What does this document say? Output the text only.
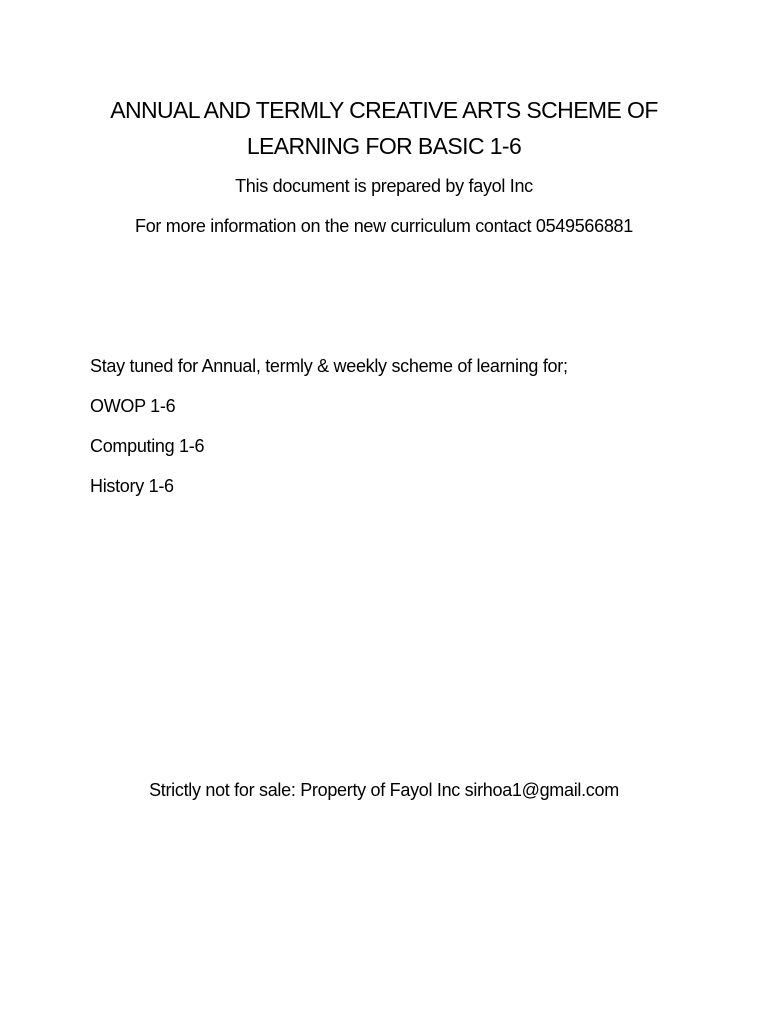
ANNUAL AND TERMLY CREATIVE ARTS SCHEME OF
LEARNING FOR BASIC 1-6
This document is prepared by fayol Inc
For more information on the new curriculum contact 0549566881
Stay tuned for Annual, termly & weekly scheme of learning for;
OWOP 1-6
Computing 1-6
History 1-6
Strictly not for sale: Property of Fayol Inc sirhoa1@gmail.com
